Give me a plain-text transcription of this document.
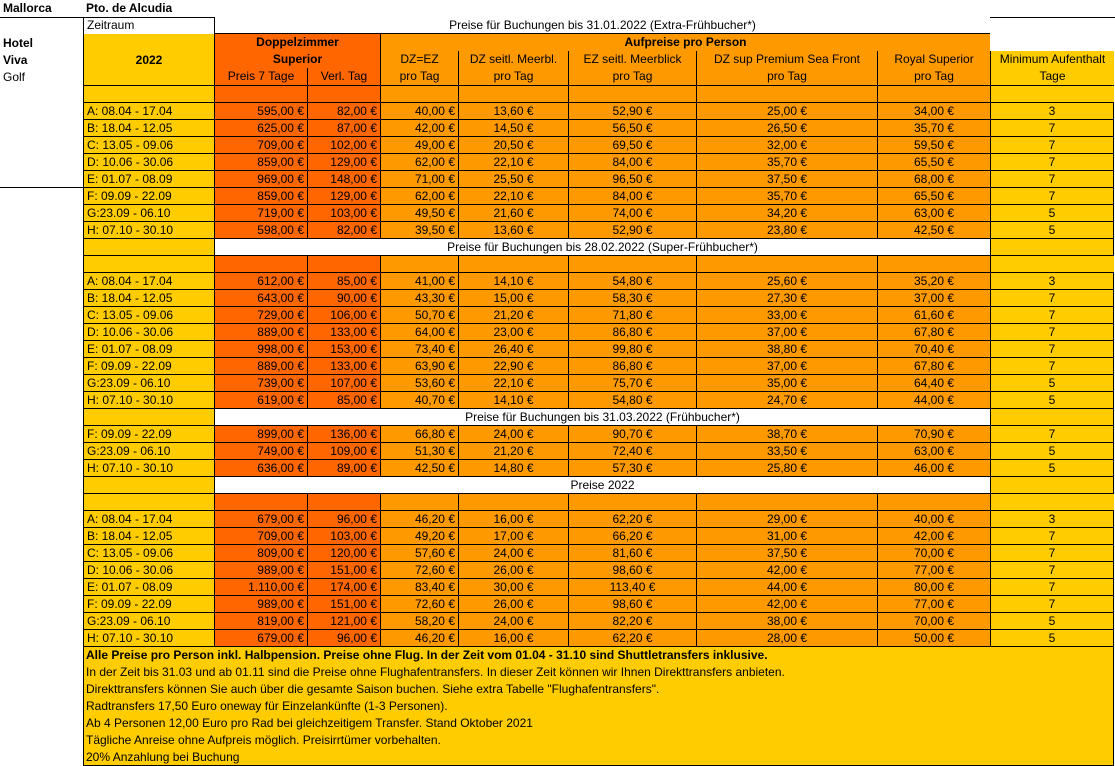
Mallorca	Pto. de Alcudia
Hotel
Viva
Golf
Zeitraum
2022
Doppelzimmer
Superior
Aufpreise pro Person
DZ=EZ	DZ seitl. Meerbl.	EZ seitl. Meerblick	DZ sup Premium Sea Front	Royal Superior	Minimum Aufenthalt
Preis 7 Tage	Verl. Tag	pro Tag	pro Tag	pro Tag	pro Tag	pro Tag	Tage
Preise für Buchungen bis 31.01.2022 (Extra-Frühbucher*)
A: 08.04 - 17.04	595,00 €	82,00 €	40,00 €	13,60 €	52,90 €	25,00 €	34,00 €	3
B: 18.04 - 12.05	625,00 €	87,00 €	42,00 €	14,50 €	56,50 €	26,50 €	35,70 €	7
C: 13.05 - 09.06	709,00 €	102,00 €	49,00 €	20,50 €	69,50 €	32,00 €	59,50 €	7
D: 10.06 - 30.06	859,00 €	129,00 €	62,00 €	22,10 €	84,00 €	35,70 €	65,50 €	7
E: 01.07 - 08.09	969,00 €	148,00 €	71,00 €	25,50 €	96,50 €	37,50 €	68,00 €	7
F: 09.09 - 22.09	859,00 €	129,00 €	62,00 €	22,10 €	84,00 €	35,70 €	65,50 €	7
G:23.09 - 06.10	719,00 €	103,00 €	49,50 €	21,60 €	74,00 €	34,20 €	63,00 €	5
H: 07.10 - 30.10	598,00 €	82,00 €	39,50 €	13,60 €	52,90 €	23,80 €	42,50 €	5
Preise für Buchungen bis 28.02.2022 (Super-Frühbucher*)
A: 08.04 - 17.04	612,00 €	85,00 €	41,00 €	14,10 €	54,80 €	25,60 €	35,20 €	3
B: 18.04 - 12.05	643,00 €	90,00 €	43,30 €	15,00 €	58,30 €	27,30 €	37,00 €	7
C: 13.05 - 09.06	729,00 €	106,00 €	50,70 €	21,20 €	71,80 €	33,00 €	61,60 €	7
D: 10.06 - 30.06	889,00 €	133,00 €	64,00 €	23,00 €	86,80 €	37,00 €	67,80 €	7
E: 01.07 - 08.09	998,00 €	153,00 €	73,40 €	26,40 €	99,80 €	38,80 €	70,40 €	7
F: 09.09 - 22.09	889,00 €	133,00 €	63,90 €	22,90 €	86,80 €	37,00 €	67,80 €	7
G:23.09 - 06.10	739,00 €	107,00 €	53,60 €	22,10 €	75,70 €	35,00 €	64,40 €	5
H: 07.10 - 30.10	619,00 €	85,00 €	40,70 €	14,10 €	54,80 €	24,70 €	44,00 €	5
Preise für Buchungen bis 31.03.2022 (Frühbucher*)
F: 09.09 - 22.09	899,00 €	136,00 €	66,80 €	24,00 €	90,70 €	38,70 €	70,90 €	7
G:23.09 - 06.10	749,00 €	109,00 €	51,30 €	21,20 €	72,40 €	33,50 €	63,00 €	5
H: 07.10 - 30.10	636,00 €	89,00 €	42,50 €	14,80 €	57,30 €	25,80 €	46,00 €	5
Preise 2022
A: 08.04 - 17.04	679,00 €	96,00 €	46,20 €	16,00 €	62,20 €	29,00 €	40,00 €	3
B: 18.04 - 12.05	709,00 €	103,00 €	49,20 €	17,00 €	66,20 €	31,00 €	42,00 €	7
C: 13.05 - 09.06	809,00 €	120,00 €	57,60 €	24,00 €	81,60 €	37,50 €	70,00 €	7
D: 10.06 - 30.06	989,00 €	151,00 €	72,60 €	26,00 €	98,60 €	42,00 €	77,00 €	7
E: 01.07 - 08.09	1.110,00 €	174,00 €	83,40 €	30,00 €	113,40 €	44,00 €	80,00 €	7
F: 09.09 - 22.09	989,00 €	151,00 €	72,60 €	26,00 €	98,60 €	42,00 €	77,00 €	7
G:23.09 - 06.10	819,00 €	121,00 €	58,20 €	24,00 €	82,20 €	38,00 €	70,00 €	5
H: 07.10 - 30.10	679,00 €	96,00 €	46,20 €	16,00 €	62,20 €	28,00 €	50,00 €	5
Alle Preise pro Person inkl. Halbpension. Preise ohne Flug. In der Zeit vom 01.04 - 31.10 sind Shuttletransfers inklusive.
In der Zeit bis 31.03 und ab 01.11 sind die Preise ohne Flughafentransfers. In dieser Zeit können wir Ihnen Direkttransfers anbieten.
Direkttransfers können Sie auch über die gesamte Saison buchen. Siehe extra Tabelle "Flughafentransfers".
Radtransfers 17,50 Euro oneway für Einzelankünfte (1-3 Personen).
Ab 4 Personen 12,00 Euro pro Rad bei gleichzeitigem Transfer. Stand Oktober 2021
Tägliche Anreise ohne Aufpreis möglich. Preisirrtümer vorbehalten.
20% Anzahlung bei Buchung
